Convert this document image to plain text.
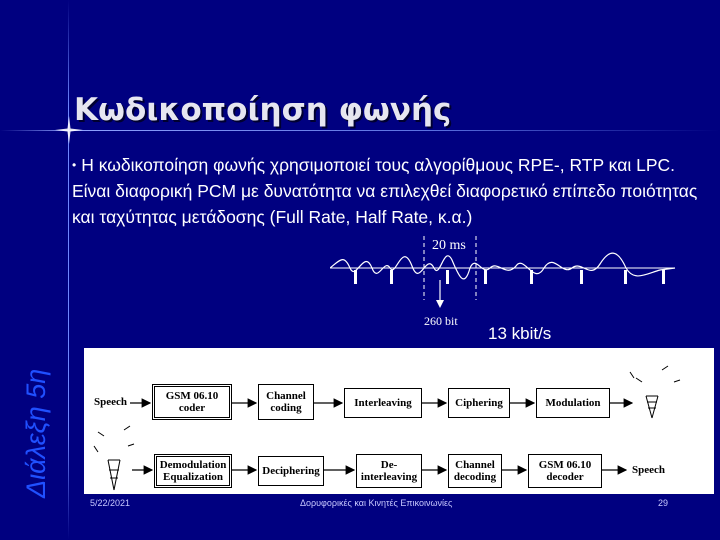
Κωδικοποίηση φωνής

• Η κωδικοποίηση φωνής χρησιμοποιεί τους αλγορίθμους RPE-, RTP και LPC. Είναι διαφορική PCM με δυνατότητα να επιλεχθεί διαφορετικό επίπεδο ποιότητας και ταχύτητας μετάδοσης (Full Rate, Half Rate, κ.α.)

Διάλεξη 5η
20 ms
260 bit
13 kbit/s
Speech	GSM 06.10
coder
Channel
coding	Interleaving	Ciphering	Modulation
Demodulation
Equalization	Deciphering	De-
interleaving
Channel
decoding
GSM 06.10
decoder
Speech
5/22/2021	Δορυφορικές και Κινητές Επικοινωνίες	29
